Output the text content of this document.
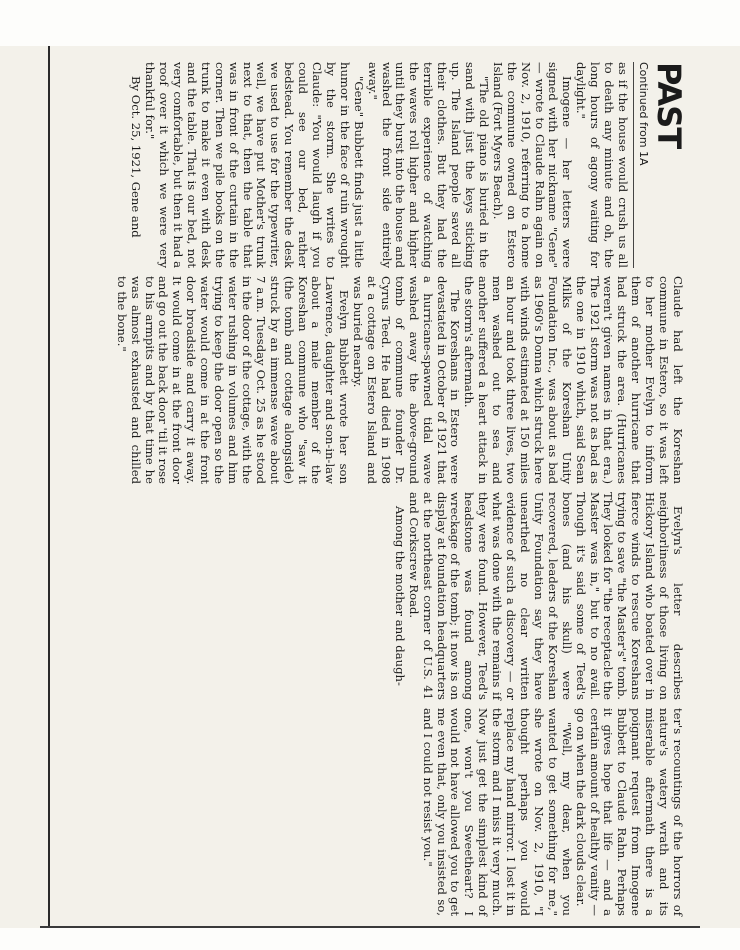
PAST
Continued from 1A

as if the house would crush us all to death any minute and oh, the long hours of agony waiting for daylight."

Imogene — her letters were signed with her nickname "Gene" — wrote to Claude Rahn again on Nov. 2, 1910, referring to a home the commune owned on Estero Island (Fort Myers Beach).

"The old piano is buried in the sand with just the keys sticking up. The Island people saved all their clothes. But they had the terrible experience of watching the waves roll higher and higher until they burst into the house and washed the front side entirely away."

"Gene" Bubbett finds just a little humor in the face of ruin wrought by the storm. She writes to Claude: "You would laugh if you could see our bed, rather bedstead. You remember the desk we used to use for the typewriter, well, we have put Mother's trunk next to that, then the table that was in front of the curtain in the corner. Then we pile books on the trunk to make it even with desk and the table. That is our bed, not very comfortable, but then it had a roof over it which we were very thankful for."

By Oct. 25, 1921, Gene and

Claude had left the Koreshan commune in Estero, so it was left to her mother Evelyn to inform them of another hurricane that had struck the area. (Hurricanes weren't given names in that era.) The 1921 storm was not as bad as the one in 1910 which, said Sean Milks of the Koreshan Unity Foundation Inc., was about as bad as 1960's Donna which struck here with winds estimated at 150 miles an hour and took three lives, two men washed out to sea and another suffered a heart attack in the storm's aftermath.

The Koreshans in Estero were devastated in October of 1921 that a hurricane-spawned tidal wave washed away the above-ground tomb of commune founder Dr. Cyrus Teed. He had died in 1908 at a cottage on Estero Island and was buried nearby.

Evelyn Bubbett wrote her son Lawrence, daughter and son-in-law about a male member of the Koreshan commune who "saw it (the tomb and cottage alongside) struck by an immense wave about 7 a.m. Tuesday Oct. 25 as he stood in the door of the cottage, with the water rushing in volumes and him trying to keep the door open so the water would come in at the front door broadside and carry it away. It would come in at the front door and go out the back door 'til it rose to his armpits and by that time he was almost exhausted and chilled to the bone."

Evelyn's letter describes neighborliness of those living on Hickory Island who boated over in fierce winds to rescue Koreshans trying to save "the Master's" tomb. They looked for "the receptacle the Master was in," but to no avail. Though it's said some of Teed's bones (and his skull) were recovered, leaders of the Koreshan Unity Foundation say they have unearthed no clear written evidence of such a discovery — or what was done with the remains if they were found. However, Teed's headstone was found among wreckage of the tomb; it now is on display at foundation headquarters at the northeast corner of U.S. 41 and Corkscrew Road.

Among the mother and daugh-

ter's recountings of the horrors of nature's watery wrath and its miserable aftermath there is a poignant request from Imogene Bubbett to Claude Rahn. Perhaps it gives hope that life — and a certain amount of healthy vanity — go on when the dark clouds clear.

"Well, my dear, when you wanted to get something for me," she wrote on Nov. 2, 1910, "I thought perhaps you would replace my hand mirror. I lost it in the storm and I miss it very much. Now just get the simplest kind of one, won't you Sweetheart? I would not have allowed you to get me even that, only you insisted so, and I could not resist you."
